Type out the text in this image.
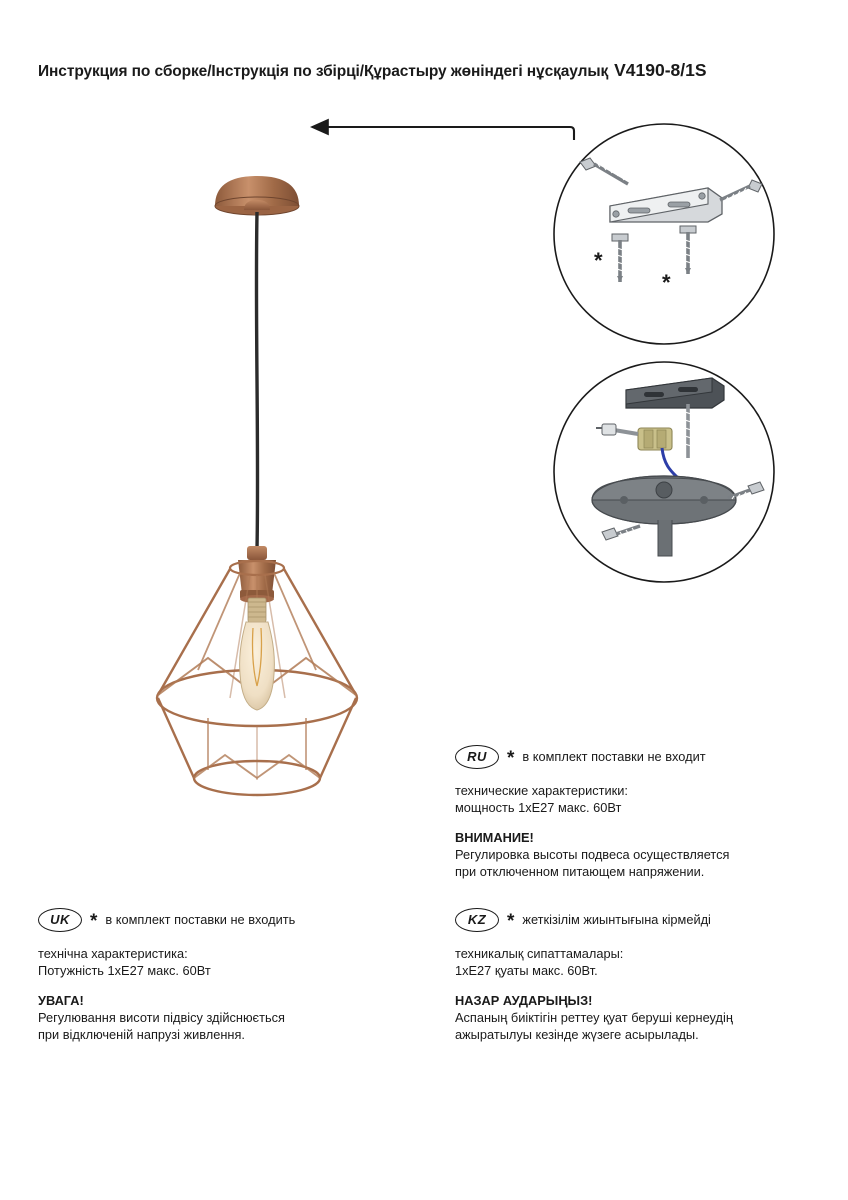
Инструкция по сборке/Інструкція по збірці/Құрастыру жөніндегі нұсқаулық V4190-8/1S
*
*
RU	* в комплект поставки не входит
технические характеристики:
мощность 1xE27 макс. 60Вт
ВНИМАНИЕ!
Регулировка высоты подвеса осуществляется
при отключенном питающем напряжении.
UK	* в комплект поставки не входить
технічна характеристика:
Потужність 1хЕ27 макс. 60Вт
УВАГА!
Регулювання висоти підвісу здійснюється
при відключеній напрузі живлення.
KZ	* жеткізілім жиынтығына кірмейді
техникалық сипаттамалары:
1xE27 қуаты макс. 60Вт.
НАЗАР АУДАРЫҢЫЗ!
Аспаның биіктігін реттеу қуат беруші кернеудің
ажыратылуы кезінде жүзеге асырылады.
